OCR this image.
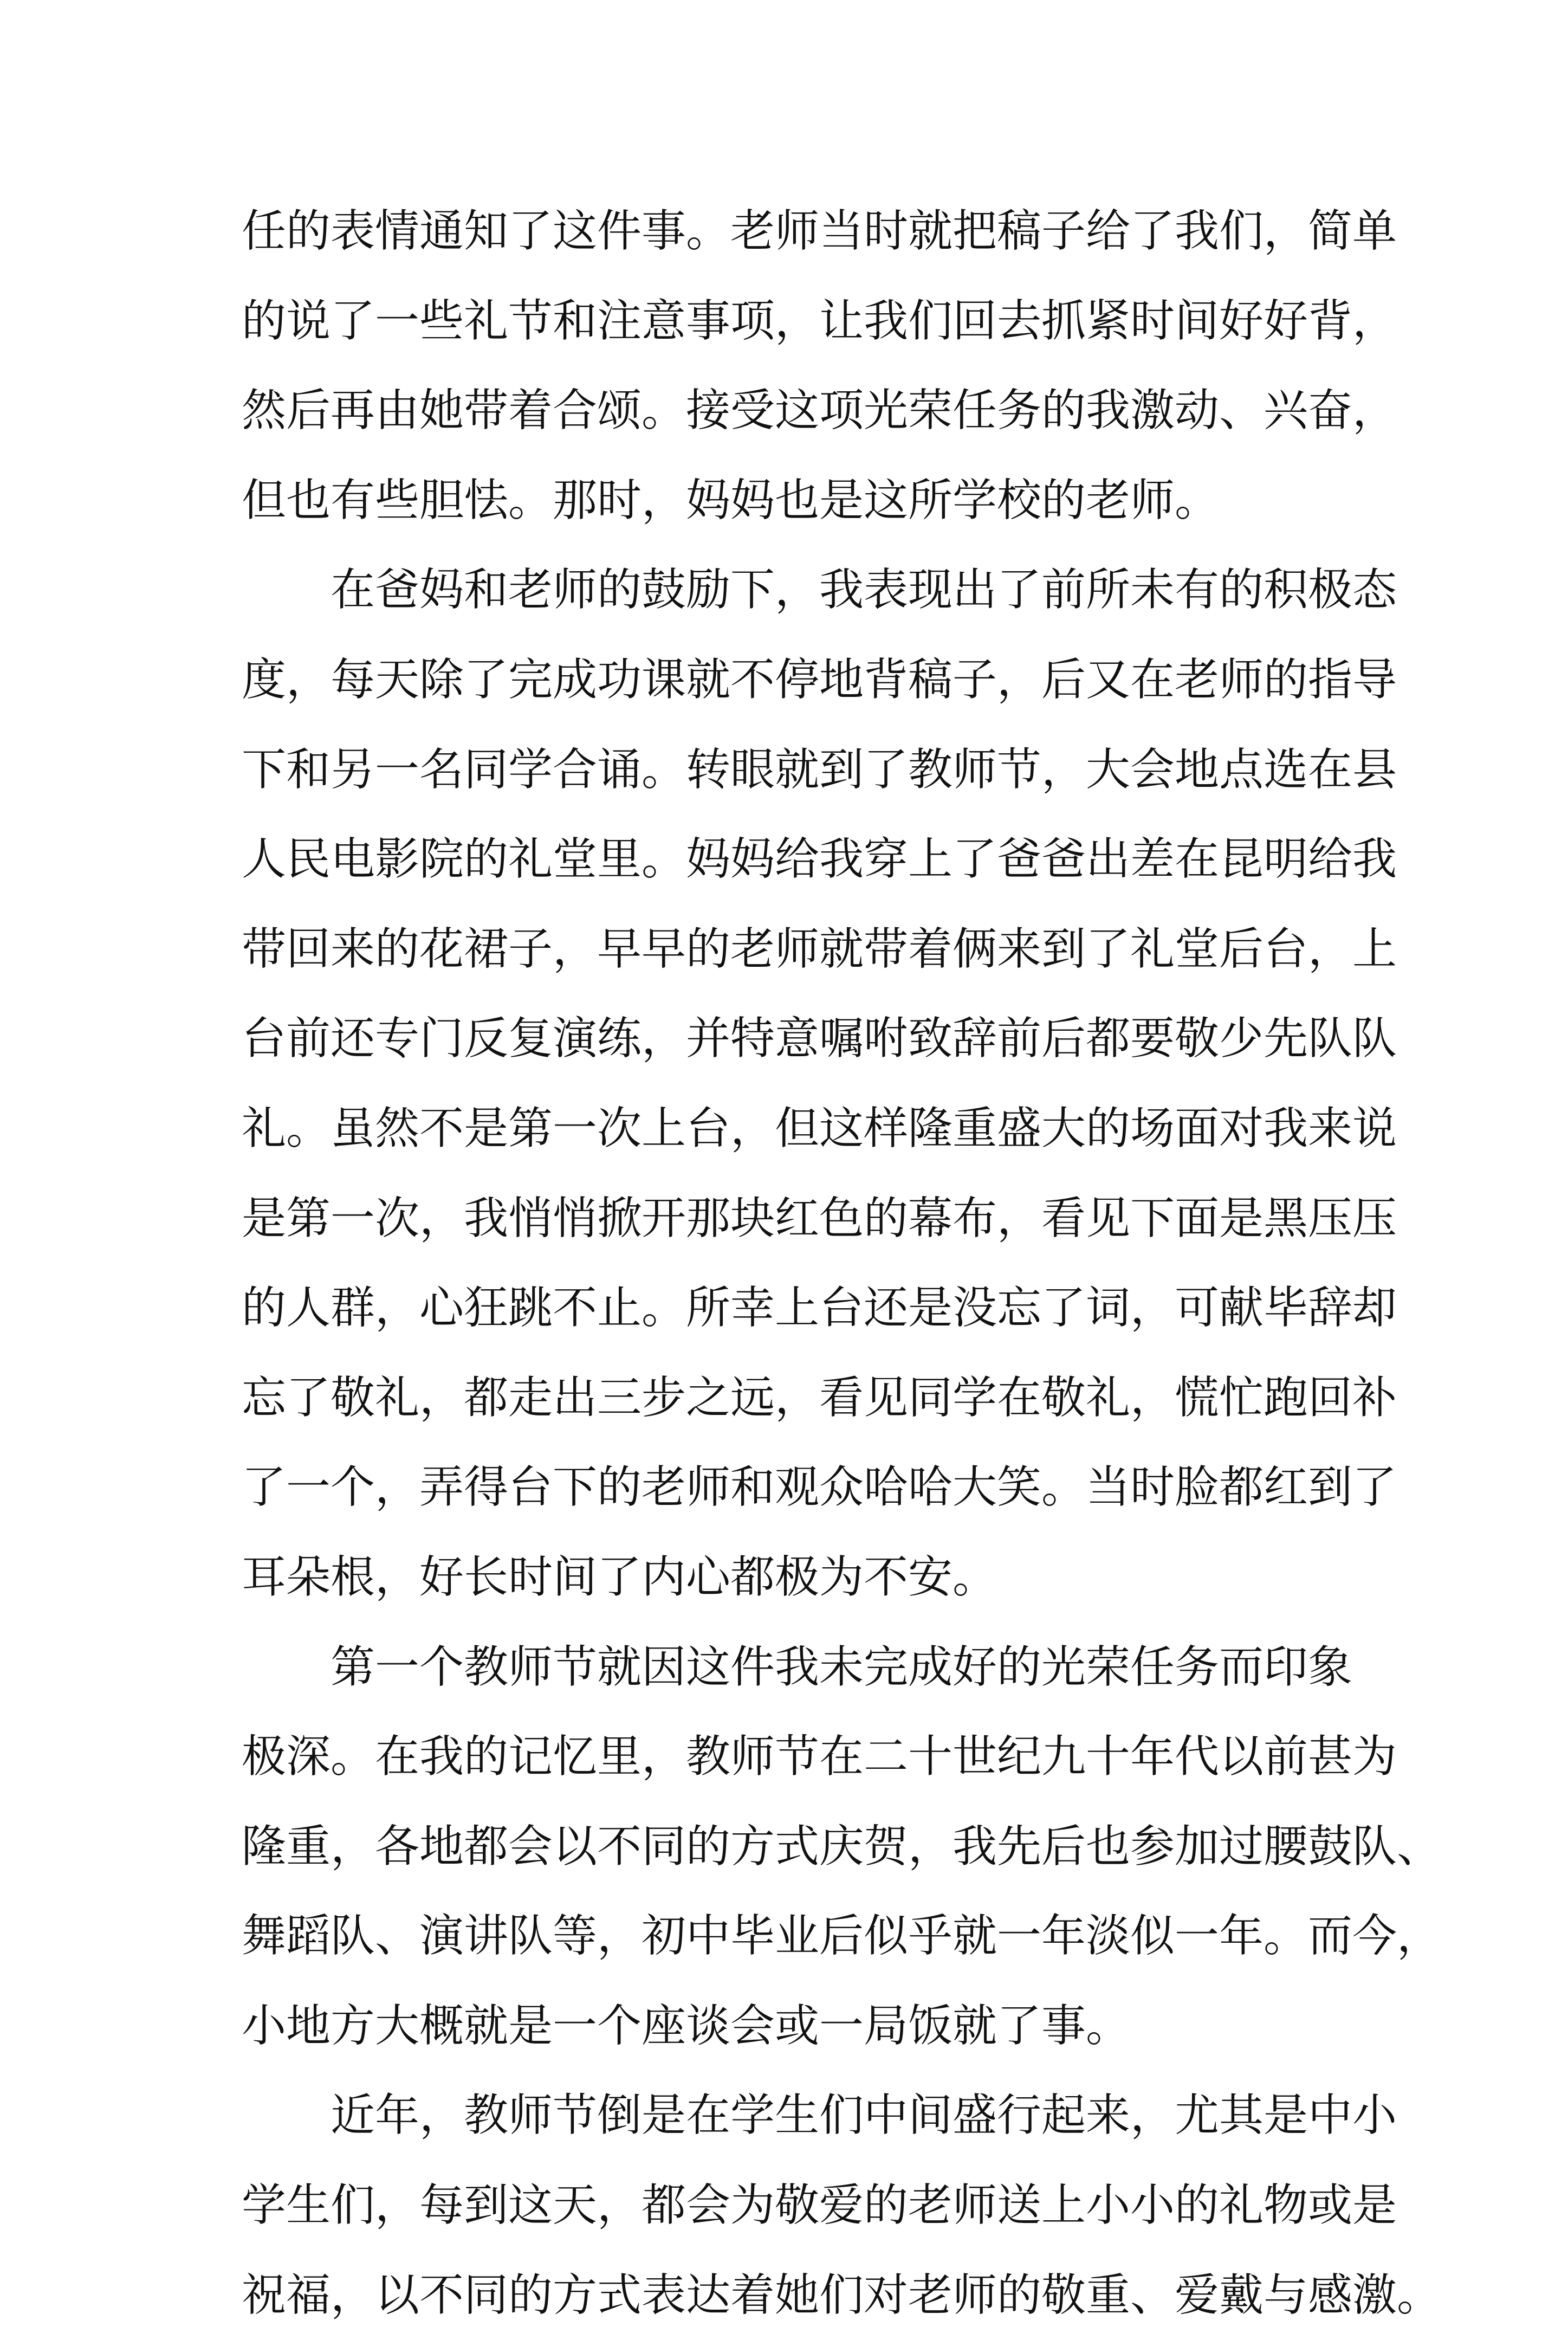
任的表情通知了这件事。老师当时就把稿子给了我们，简单
的说了一些礼节和注意事项，让我们回去抓紧时间好好背，
然后再由她带着合颂。接受这项光荣任务的我激动、兴奋，
但也有些胆怯。那时，妈妈也是这所学校的老师。
在爸妈和老师的鼓励下，我表现出了前所未有的积极态
度，每天除了完成功课就不停地背稿子，后又在老师的指导
下和另一名同学合诵。转眼就到了教师节，大会地点选在县
人民电影院的礼堂里。妈妈给我穿上了爸爸出差在昆明给我
带回来的花裙子，早早的老师就带着俩来到了礼堂后台，上
台前还专门反复演练，并特意嘱咐致辞前后都要敬少先队队
礼。虽然不是第一次上台，但这样隆重盛大的场面对我来说
是第一次，我悄悄掀开那块红色的幕布，看见下面是黑压压
的人群，心狂跳不止。所幸上台还是没忘了词，可献毕辞却
忘了敬礼，都走出三步之远，看见同学在敬礼，慌忙跑回补
了一个，弄得台下的老师和观众哈哈大笑。当时脸都红到了
耳朵根，好长时间了内心都极为不安。
第一个教师节就因这件我未完成好的光荣任务而印象
极深。在我的记忆里，教师节在二十世纪九十年代以前甚为
隆重，各地都会以不同的方式庆贺，我先后也参加过腰鼓队、
舞蹈队、演讲队等，初中毕业后似乎就一年淡似一年。而今，
小地方大概就是一个座谈会或一局饭就了事。
近年，教师节倒是在学生们中间盛行起来，尤其是中小
学生们，每到这天，都会为敬爱的老师送上小小的礼物或是
祝福，以不同的方式表达着她们对老师的敬重、爱戴与感激。
